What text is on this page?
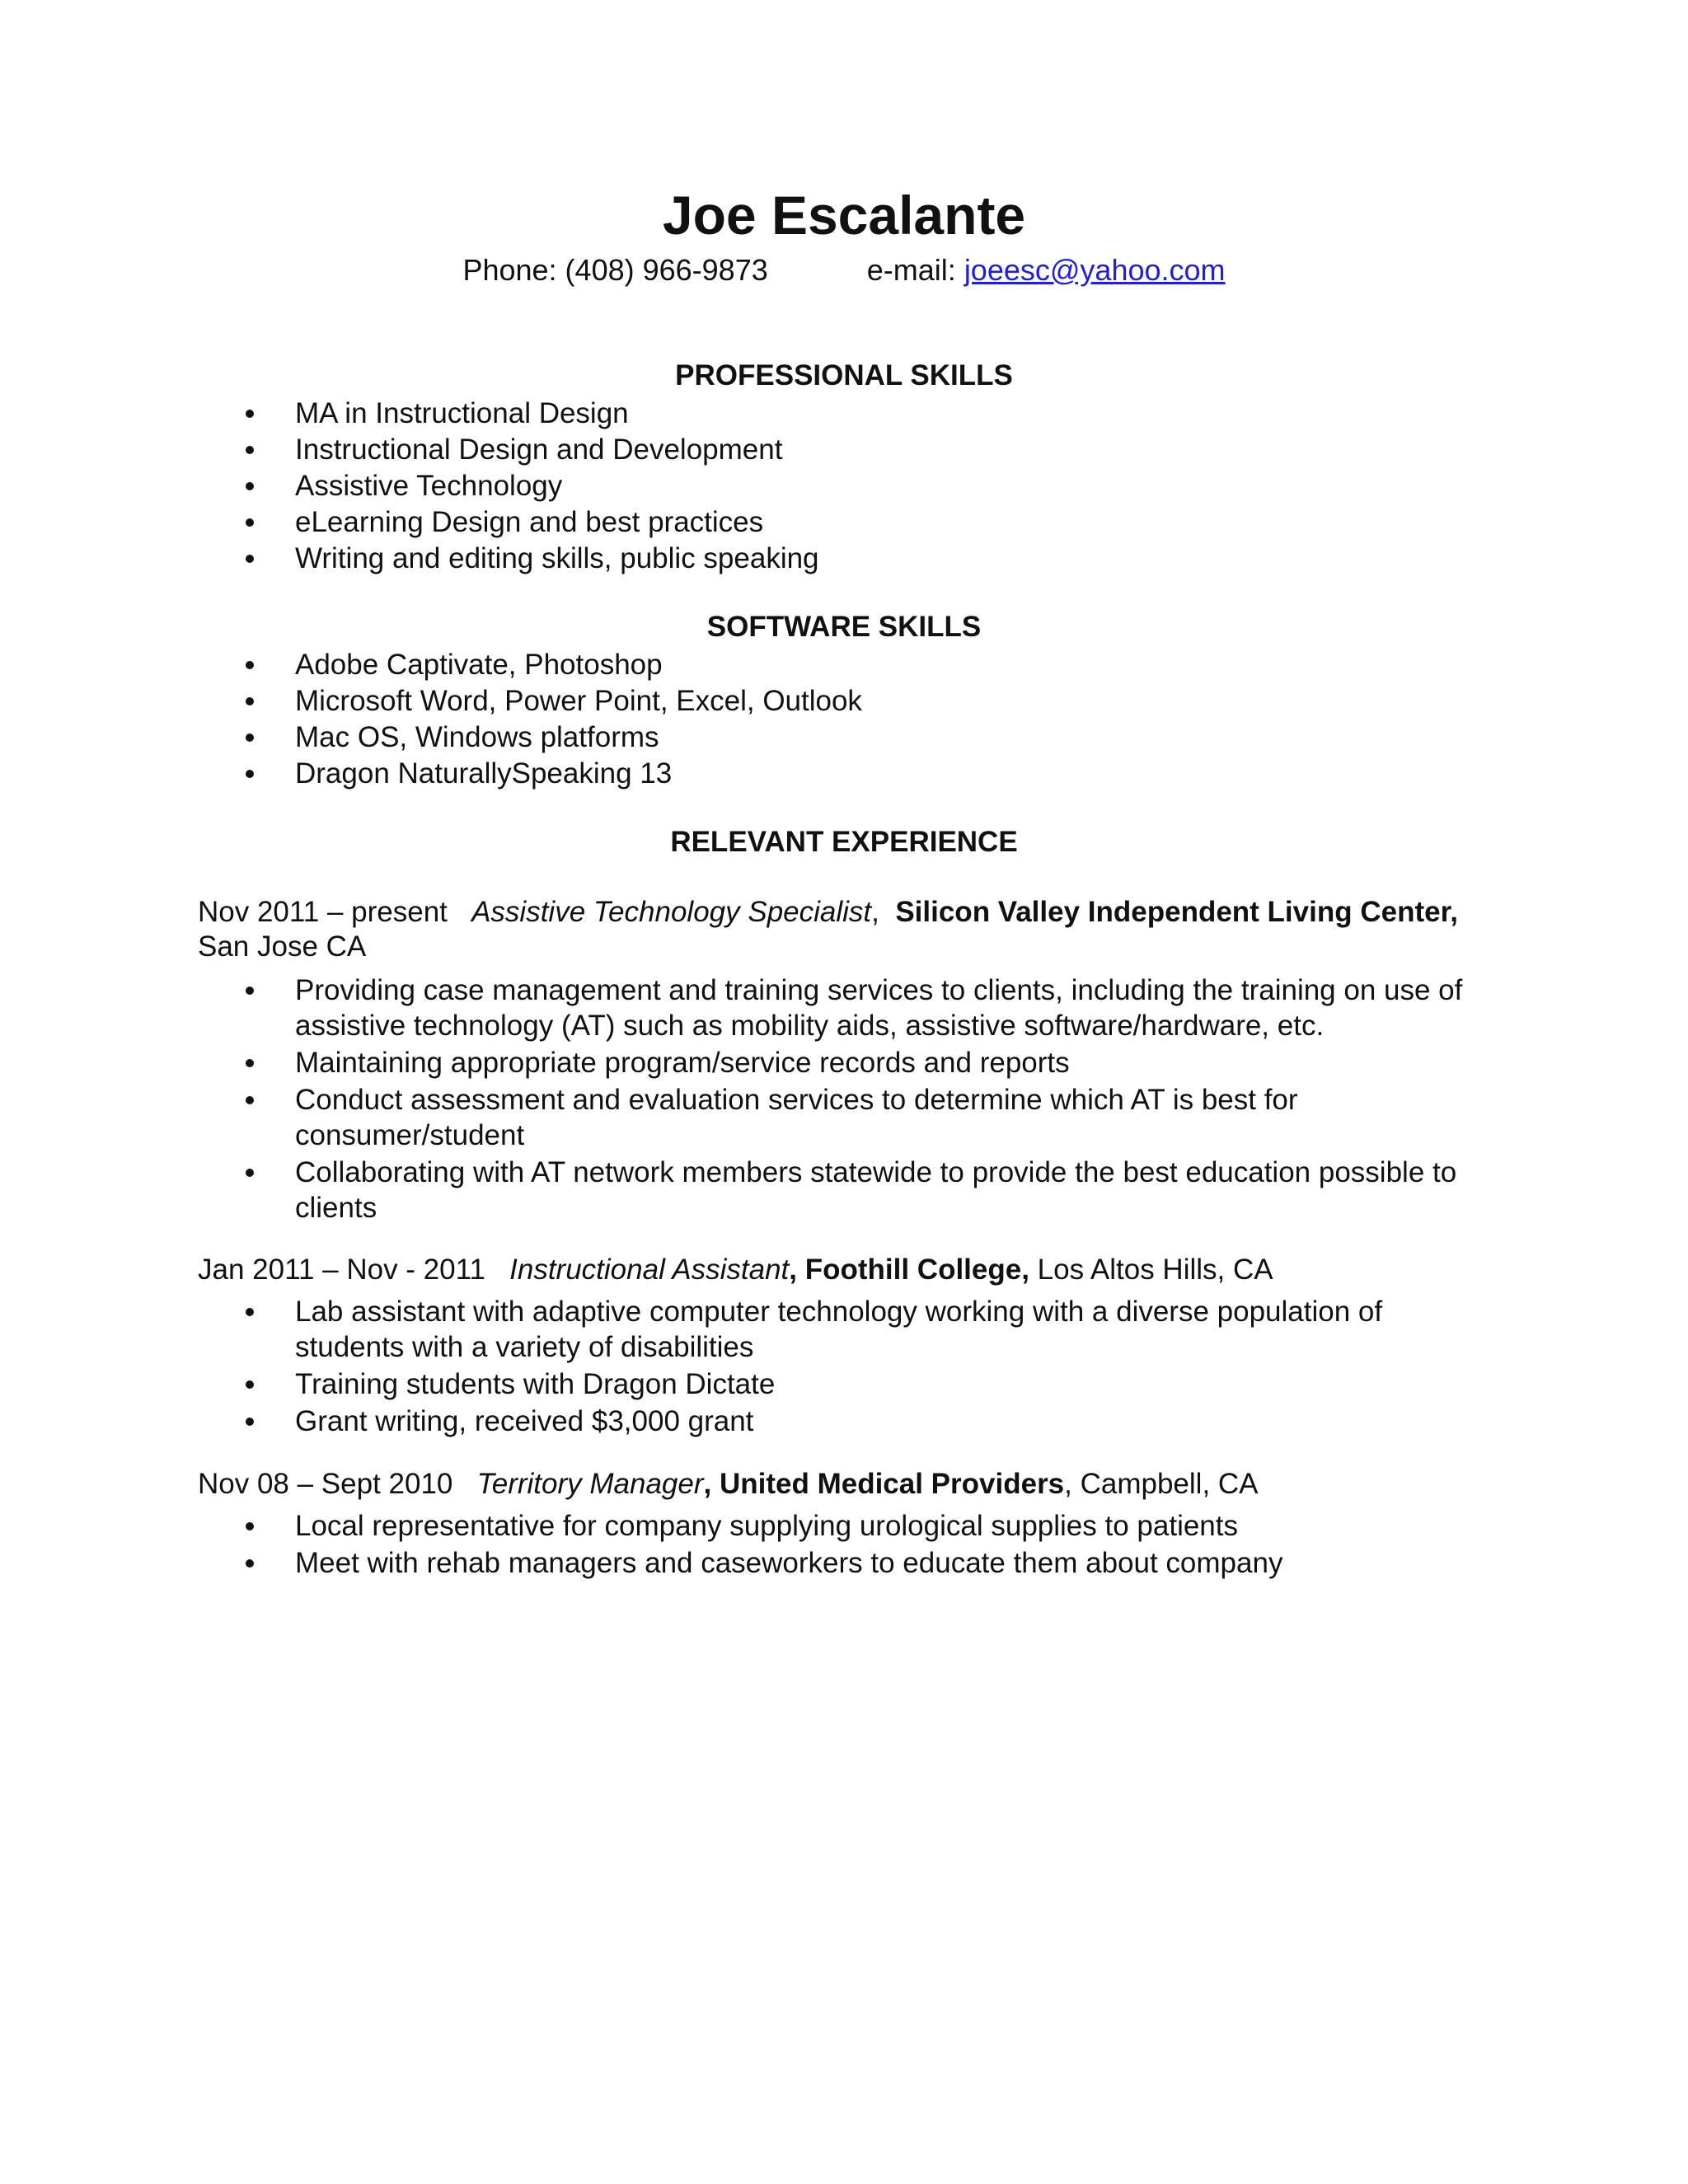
Joe Escalante
Phone: (408) 966-9873	e-mail: joeesc@yahoo.com
PROFESSIONAL SKILLS
MA in Instructional Design
Instructional Design and Development
Assistive Technology
eLearning Design and best practices
Writing and editing skills, public speaking
SOFTWARE SKILLS
Adobe Captivate, Photoshop
Microsoft Word, Power Point, Excel, Outlook
Mac OS, Windows platforms
Dragon NaturallySpeaking 13
RELEVANT EXPERIENCE
Nov 2011 – present Assistive Technology Specialist, Silicon Valley Independent Living Center, San Jose CA
Providing case management and training services to clients, including the training on use of assistive technology (AT) such as mobility aids, assistive software/hardware, etc.
Maintaining appropriate program/service records and reports
Conduct assessment and evaluation services to determine which AT is best for consumer/student
Collaborating with AT network members statewide to provide the best education possible to clients
Jan 2011 – Nov - 2011 Instructional Assistant, Foothill College, Los Altos Hills, CA
Lab assistant with adaptive computer technology working with a diverse population of students with a variety of disabilities
Training students with Dragon Dictate
Grant writing, received $3,000 grant
Nov 08 – Sept 2010 Territory Manager, United Medical Providers, Campbell, CA
Local representative for company supplying urological supplies to patients
Meet with rehab managers and caseworkers to educate them about company
